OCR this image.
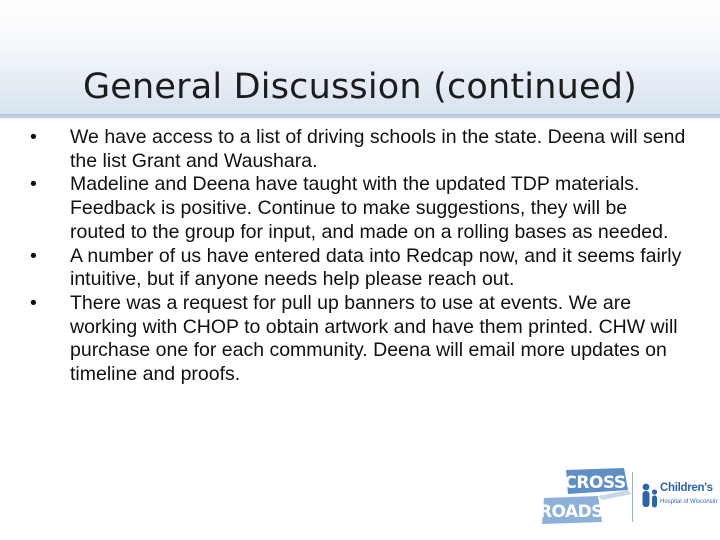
General Discussion (continued)
•	We have access to a list of driving schools in the state. Deena will send the list Grant and Waushara.
•	Madeline and Deena have taught with the updated TDP materials. Feedback is positive. Continue to make suggestions, they will be routed to the group for input, and made on a rolling bases as needed.
•	A number of us have entered data into Redcap now, and it seems fairly intuitive, but if anyone needs help please reach out.
•	There was a request for pull up banners to use at events. We are working with CHOP to obtain artwork and have them printed. CHW will purchase one for each community. Deena will email more updates on timeline and proofs.
CROSS
ROADS
Children's
Hospital of Wisconsin
